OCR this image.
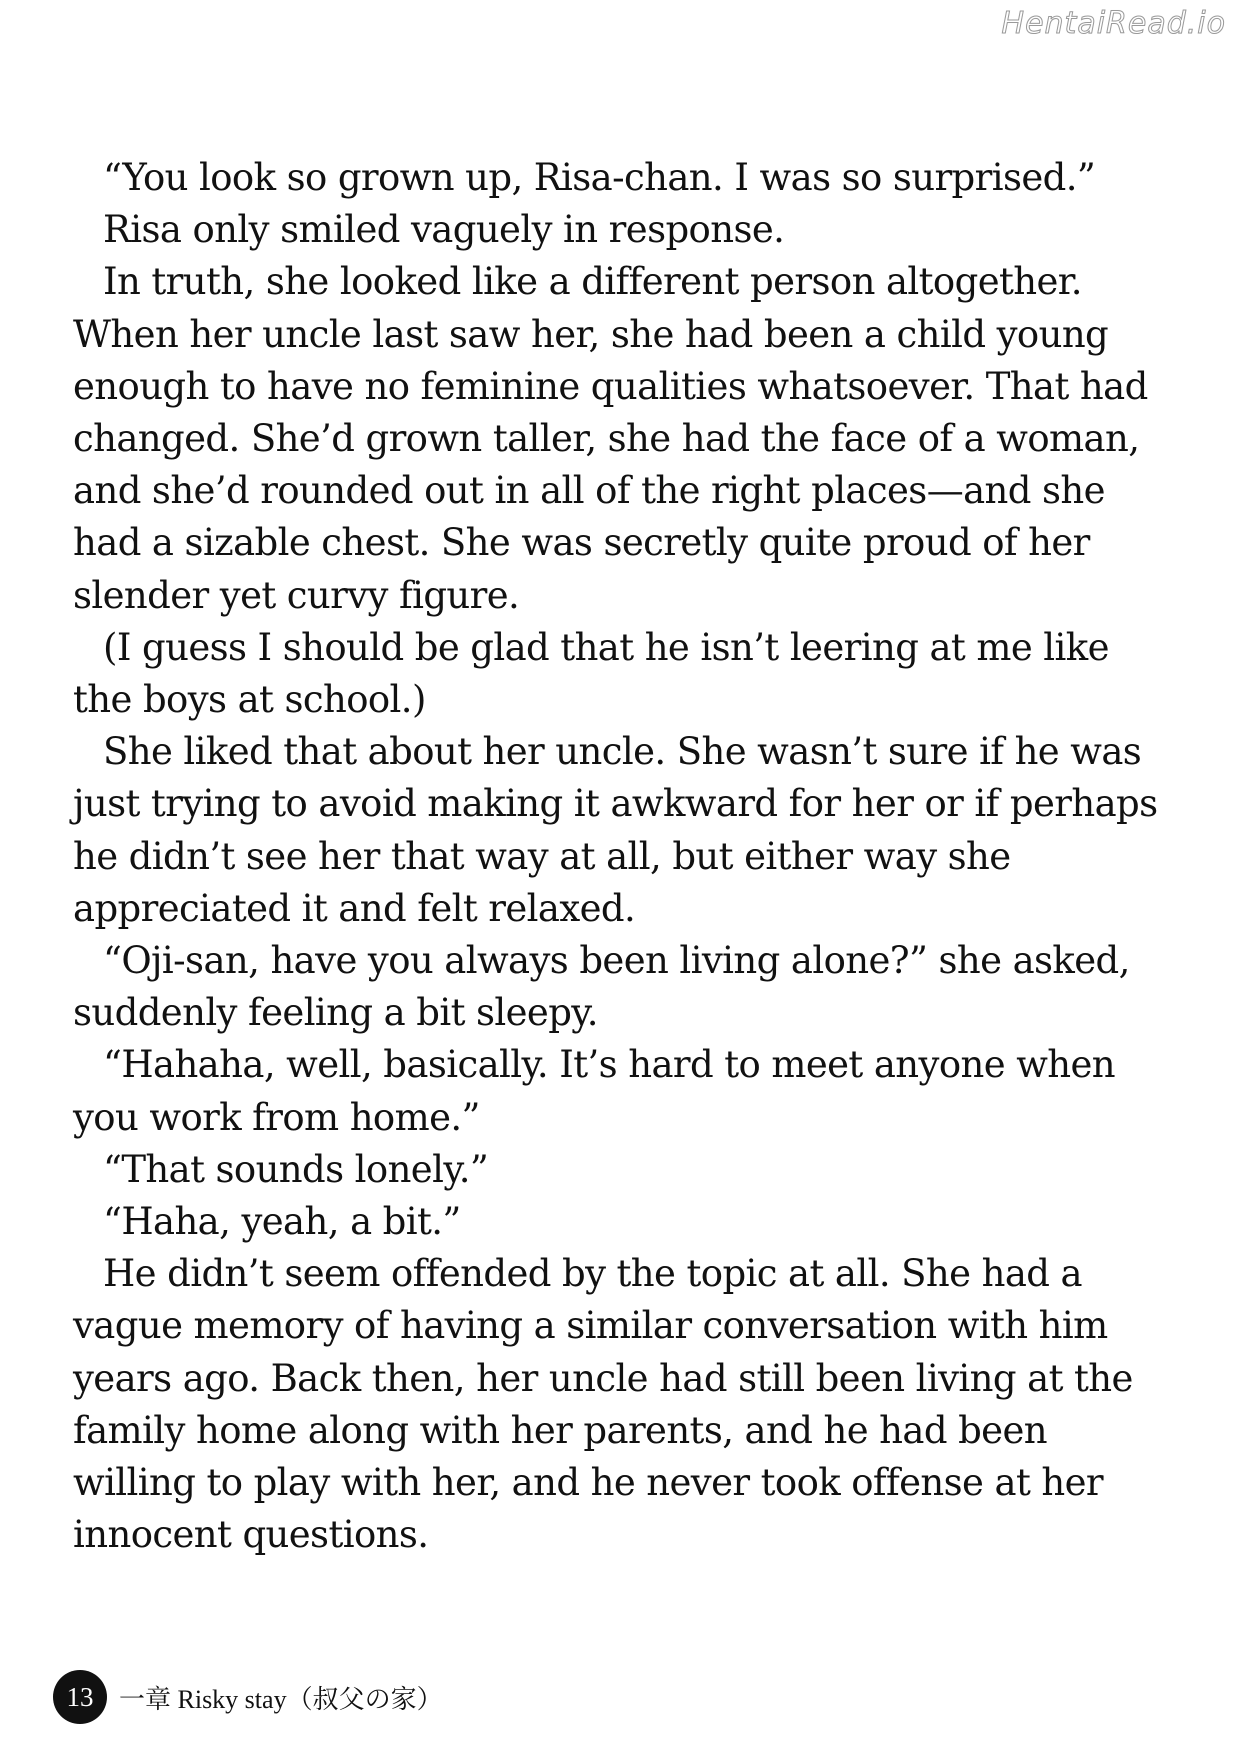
HentaiRead.io

“You look so grown up, Risa-chan. I was so surprised.”

Risa only smiled vaguely in response.

In truth, she looked like a different person altogether. When her uncle last saw her, she had been a child young enough to have no feminine qualities whatsoever. That had changed. She’d grown taller, she had the face of a woman, and she’d rounded out in all of the right places—and she had a sizable chest. She was secretly quite proud of her slender yet curvy figure.

(I guess I should be glad that he isn’t leering at me like the boys at school.)

She liked that about her uncle. She wasn’t sure if he was just trying to avoid making it awkward for her or if perhaps he didn’t see her that way at all, but either way she appreciated it and felt relaxed.

“Oji-san, have you always been living alone?” she asked, suddenly feeling a bit sleepy.

“Hahaha, well, basically. It’s hard to meet anyone when you work from home.”

“That sounds lonely.”

“Haha, yeah, a bit.”

He didn’t seem offended by the topic at all. She had a vague memory of having a similar conversation with him years ago. Back then, her uncle had still been living at the family home along with her parents, and he had been willing to play with her, and he never took offense at her innocent questions.

13 一章 Risky stay（叔父の家）
